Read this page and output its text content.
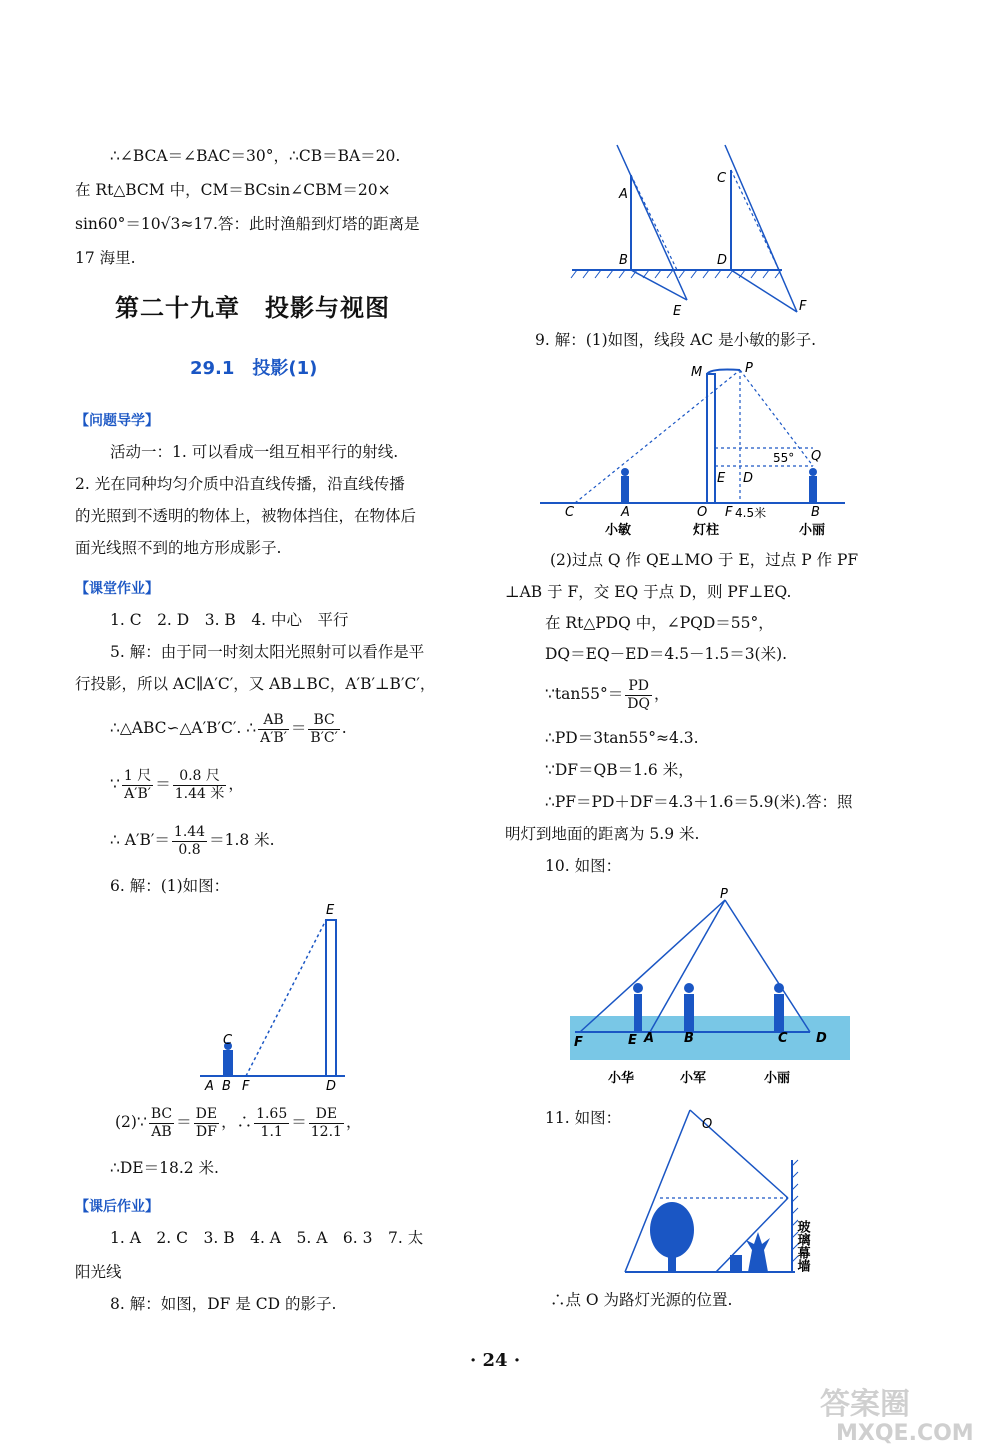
∴∠BCA＝∠BAC＝30°，∴CB＝BA＝20.
在 Rt△BCM 中，CM＝BCsin∠CBM＝20×
sin60°＝10√3≈17.答：此时渔船到灯塔的距离是
17 海里.
第二十九章　投影与视图
29.1　投影(1)
【问题导学】
活动一：1. 可以看成一组互相平行的射线.
2. 光在同种均匀介质中沿直线传播，沿直线传播
的光照到不透明的物体上，被物体挡住，在物体后
面光线照不到的地方形成影子.
【课堂作业】
1. C　2. D　3. B　4. 中心　平行
5. 解：由于同一时刻太阳光照射可以看作是平
行投影，所以 AC∥A′C′，又 AB⊥BC，A′B′⊥B′C′，
∴△ABC∽△A′B′C′. ∴ $\frac{AB}{A'B'} = \frac{BC}{B'C'}$ .
∵ $\frac{\text{1 尺}}{A'B'} = \frac{\text{0.8 尺}}{\text{1.44 米}}$ ，
∴ $A'B'= \frac{1.44}{0.8} =1.8$ 米.
6. 解：(1)如图：
(2)∵ $\frac{BC}{AB} = \frac{DE}{DF}$ ，∴ $\frac{1.65}{1.1} = \frac{DE}{12.1}$ ，
∴DE＝18.2 米.
【课后作业】
1. A　2. C　3. B　4. A　5. A　6. 3　7. 太
阳光线
8. 解：如图，DF 是 CD 的影子.
E
C
A B F	D
A
B
E
C
D
F
9. 解：(1)如图，线段 AC 是小敏的影子.
M	P
55° Q
E D
C	A	O F 4.5米	B
小敏	灯柱	小丽
(2)过点 Q 作 QE⊥MO 于 E，过点 P 作 PF
⊥AB 于 F，交 EQ 于点 D，则 PF⊥EQ.
在 Rt△PDQ 中，∠PQD＝55°，
DQ＝EQ－ED＝4.5－1.5＝3(米).
∵tan55°＝ $\frac{PD}{DQ}$ ，
∴PD＝3tan55°≈4.3.
∵DF＝QB＝1.6 米，
∴PF＝PD＋DF＝4.3＋1.6＝5.9(米).答：照
明灯到地面的距离为 5.9 米.
10. 如图：
P
F	E A B	C D
小华	小军	小丽
11. 如图：	O
玻璃幕墙
∴点 O 为路灯光源的位置.
· 24 ·
答案圈
MXQE.COM
